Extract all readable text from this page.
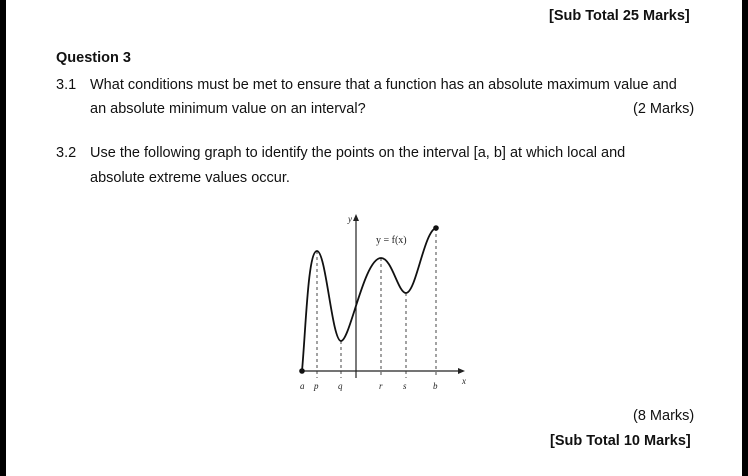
[Sub Total 25 Marks]
Question 3
3.1 What conditions must be met to ensure that a function has an absolute maximum value and
an absolute minimum value on an interval?	(2 Marks)
3.2 Use the following graph to identify the points on the interval [a, b] at which local and
absolute extreme values occur.
y
x
y = f(x)
a p q	r s	b
(8 Marks)
[Sub Total 10 Marks]
